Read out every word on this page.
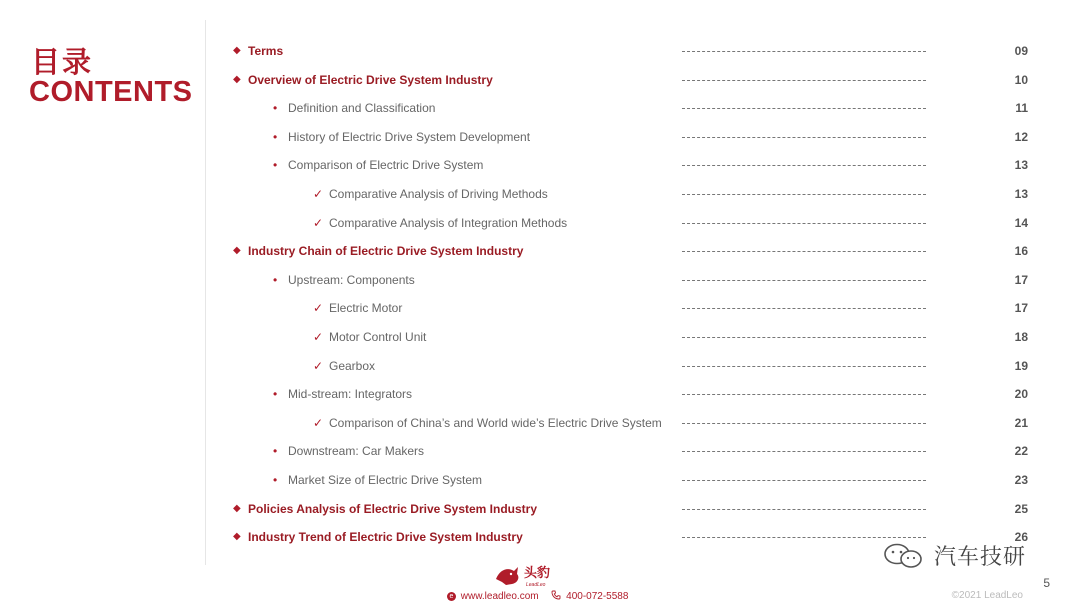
目录
CONTENTS
◆ Terms	09
◆ Overview of Electric Drive System Industry	10
• Definition and Classification	11
• History of Electric Drive System Development	12
• Comparison of Electric Drive System	13
✓ Comparative Analysis of Driving Methods	13
✓ Comparative Analysis of Integration Methods	14
◆ Industry Chain of Electric Drive System Industry	16
• Upstream: Components	17
✓ Electric Motor	17
✓ Motor Control Unit	18
✓ Gearbox	19
• Mid-stream: Integrators	20
✓ Comparison of China’s and World wide’s Electric Drive System	21
• Downstream: Car Makers	22
• Market Size of Electric Drive System	23
◆ Policies Analysis of Electric Drive System Industry	25
◆ Industry Trend of Electric Drive System Industry	26
头豹
LeadLeo
e www.leadleo.com	400-072-5588	©2021 LeadLeo
5
汽车技研
